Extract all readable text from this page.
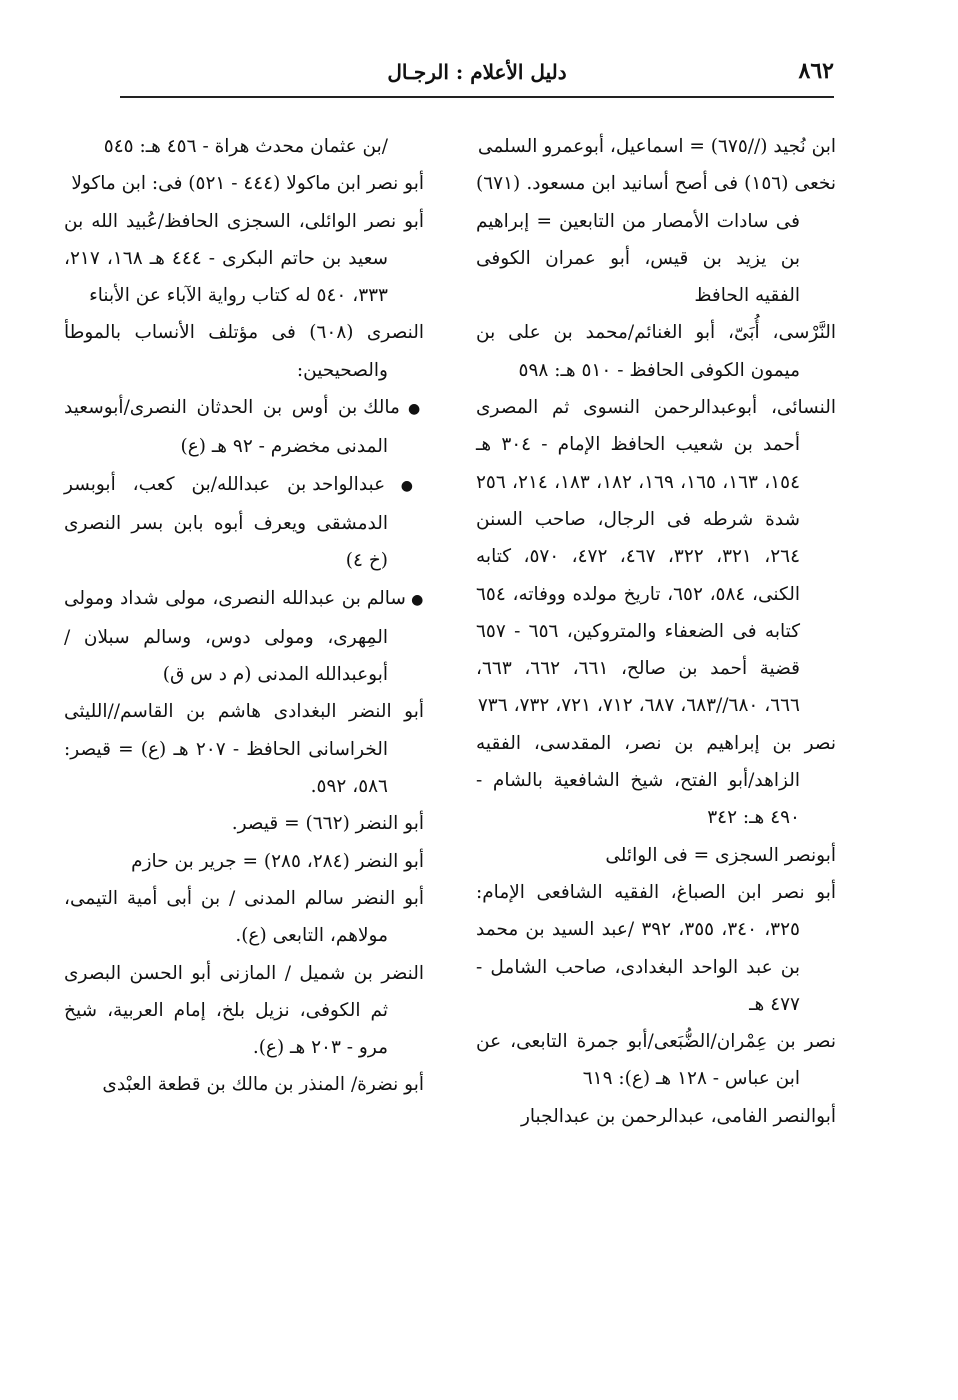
٨٦٢
دليل الأعلام : الرجـال

ابن نُجيد (//٦٧٥) = اسماعيل، أبوعمرو السلمى

نخعى (١٥٦) فى أصح أسانيد ابن مسعود. (٦٧١) فى سادات الأمصار من التابعين = إبراهيم بن يزيد بن قيس، أبو عمران الكوفى الفقيه الحافظ

النَّرْسى، أُبَىّ، أبو الغنائم/محمد بن على بن ميمون الكوفى الحافظ - ٥١٠ هـ: ٥٩٨

النسائى، أبوعبدالرحمن النسوى ثم المصرى أحمد بن شعيب الحافظ الإمام - ٣٠٤ هـ ١٥٤، ١٦٣، ١٦٥، ١٦٩، ١٨٢، ١٨٣، ٢١٤، ٢٥٦ شدة شرطه فى الرجال، صاحب السنن ٢٦٤، ٣٢١، ٣٢٢، ٤٦٧، ٤٧٢، ٥٧٠، كتابه الكنى، ٥٨٤، ٦٥٢، تاريخ مولده ووفاته، ٦٥٤ كتابه فى الضعفاء والمتروكين، ٦٥٦ - ٦٥٧ قضية أحمد بن صالح، ٦٦١، ٦٦٢، ٦٦٣، ٦٦٦، ٦٨٠//٦٨٣، ٦٨٧، ٧١٢، ٧٢١، ٧٣٢، ٧٣٦

نصر بن إبراهيم بن نصر، المقدسى، الفقيه الزاهد/أبو الفتح، شيخ الشافعية بالشام - ٤٩٠ هـ: ٣٤٢

أبونصر السجزى = فى الوائلى

أبو نصر ابن الصباغ، الفقيه الشافعى الإمام: ٣٢٥، ٣٤٠، ٣٥٥، ٣٩٢ /عبد السيد بن محمد بن عبد الواحد البغدادى، صاحب الشامل - ٤٧٧ هـ

نصر بن عِمْران/الضُّبَعى/أبو جمرة التابعى، عن ابن عباس - ١٢٨ هـ (ع): ٦١٩

أبوالنصر الفامى، عبدالرحمن بن عبدالجبار

/بن عثمان محدث هراة - ٤٥٦ هـ: ٥٤٥

أبو نصر ابن ماكولا (٤٤٤ - ٥٢١) فى: ابن ماكولا

أبو نصر الوائلى، السجزى الحافظ/عُبيد الله بن سعيد بن حاتم البكرى - ٤٤٤ هـ ١٦٨، ٢١٧، ٣٣٣، ٥٤٠ له كتاب رواية الآباء عن الأبناء

النصرى (٦٠٨) فى مؤتلف الأنساب بالموطأ والصحيحين:

● مالك بن أوس بن الحدثان النصرى/أبوسعيد المدنى مخضرم - ٩٢ هـ (ع)

● عبدالواحد بن عبدالله/بن كعب، أبوبسر الدمشقى ويعرف أبوه بابن بسر النصرى (خ ٤)

● سالم بن عبدالله النصرى، مولى شداد ومولى المِهرى، ومولى دوس، وسالم سبلان /أبوعبدالله المدنى (م د س ق)

أبو النضر البغدادى هاشم بن القاسم//الليثى الخراسانى الحافظ - ٢٠٧ هـ (ع) = قيصر: ٥٨٦، ٥٩٢.

أبو النضر (٦٦٢) = قيصر.

أبو النضر (٢٨٤، ٢٨٥) = جرير بن حازم

أبو النضر سالم المدنى / بن أبى أمية التيمى، مولاهم، التابعى (ع).

النضر بن شميل / المازنى أبو الحسن البصرى ثم الكوفى، نزيل بلخ، إمام العربية، شيخ مرو - ٢٠٣ هـ (ع).

أبو نضرة/ المنذر بن مالك بن قطعة العبْدى
